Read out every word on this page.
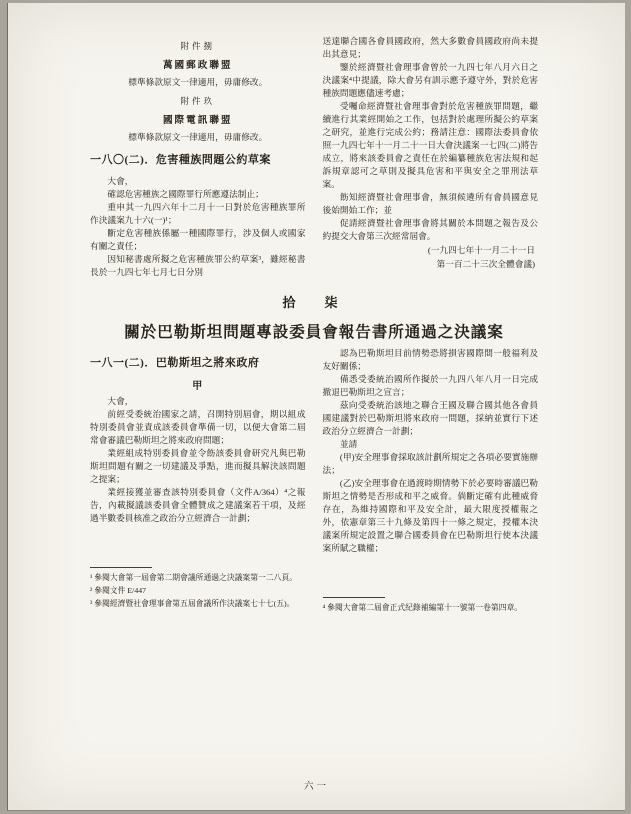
附件捌

萬國郵政聯盟

標準條款原文一律適用，毋庸修改。

附件玖

國際電訊聯盟

標準條款原文一律適用，毋庸修改。

一八〇(二)．危害種族問題公約草案

大會，

確認危害種族之國際罪行所應遵法制止；

重申其一九四六年十二月十一日對於危害種族罪所作決議案九十六(一)¹；

斷定危害種族係屬一種國際罪行，涉及個人或國家有關之責任；

因知秘書處所擬之危害種族罪公約草案³，雖經秘書長於一九四七年七月七日分別

送達聯合國各會員國政府，然大多數會員國政府尚未提出其意見；

鑒於經濟暨社會理事會曾於一九四七年八月六日之決議案⁴中提議，除大會另有訓示應予遵守外，對於危害種族問題應儘速考慮；

受囑命經濟暨社會理事會對於危害種族罪問題，繼續進行其業經開始之工作，包括對於處理所擬公約草案之研究，並進行完成公約；務請注意：國際法委員會依照一九四七年十一月二十一日大會決議案一七四(二)將告成立，將來該委員會之責任在於編纂種族危害法規和起訴規章認可之草則及擬具危害和平與安全之罪刑法草案。

飭知經濟暨社會理事會，無須候遴所有會員國意見後始開始工作；並

促請經濟暨社會理事會將其關於本問題之報告及公約提交大會第三次經常屆會。

(一九四七年十一月二十一日

第一百二十三次全體會議)

拾　柒

關於巴勒斯坦問題專設委員會報告書所通過之決議案
一八一(二)．巴勒斯坦之將來政府

甲

大會，

前經受委統治國家之請，召開特別屆會，期以組成特別委員會並責成該委員會準備一切，以便大會第二屆常會審議巴勒斯坦之將來政府問題；

業經組成特別委員會並令飭該委員會研究凡與巴勒斯坦問題有關之一切建議及爭點，進而擬具解決該問題之提案；

業經接獲並審查該特別委員會（文件A/364）⁴之報告，內載擬議該委員會全體贊成之建議案若干項，及經過半數委員核准之政治分立經濟合一計劃；

認為巴勒斯坦目前情勢恐將損害國際間一般福利及友好關係；

備悉受委統治國所作擬於一九四八年八月一日完成撤退巴勒斯坦之宣言；

茲向受委統治該地之聯合王國及聯合國其他各會員國建議對於巴勒斯坦將來政府一問題，採納並實行下述政治分立經濟合一計劃；

並請

(甲)安全理事會採取該計劃所規定之各項必要實施辦法；

(乙)安全理事會在過渡時期情勢下於必要時審議巴勒斯坦之情勢是否形成和平之威脅。倘斷定確有此種威脅存在，為維持國際和平及安全計，最大限度授權報之外，依憲章第三十九條及第四十一條之規定，授權本決議案所規定設置之聯合國委員會在巴勒斯坦行使本決議案所賦之職權；

¹ 參閱大會第一屆會第二期會議所通過之決議案第一二八頁。

² 參閱文件 E/447

³ 參閱經濟暨社會理事會第五屆會議所作決議案七十七(五)。	⁴ 參閱大會第二屆會正式紀錄補編第十一號第一卷第四章。

六一
